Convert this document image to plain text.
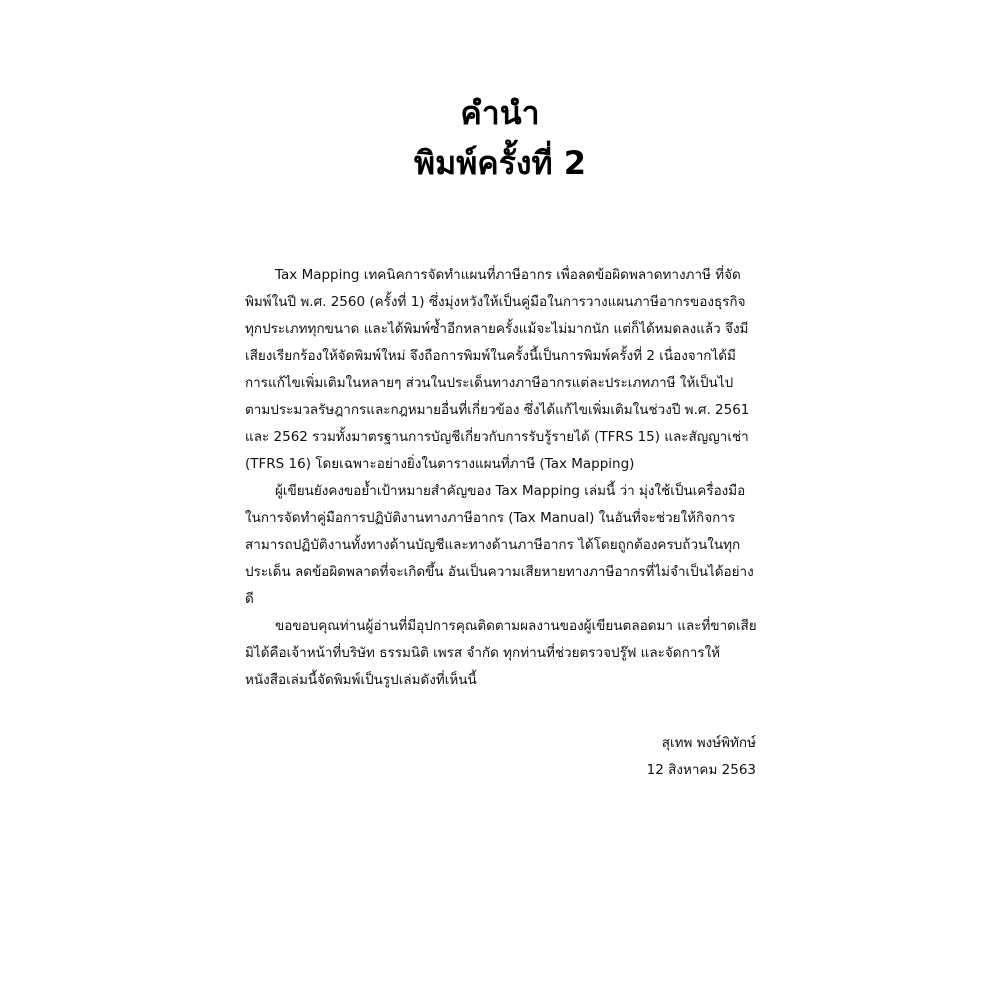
คำนำ
พิมพ์ครั้งที่ 2

Tax Mapping เทคนิคการจัดทำแผนที่ภาษีอากร เพื่อลดข้อผิดพลาดทางภาษี ที่จัดพิมพ์ในปี พ.ศ. 2560 (ครั้งที่ 1) ซึ่งมุ่งหวังให้เป็นคู่มือในการวางแผนภาษีอากรของธุรกิจทุกประเภททุกขนาด และได้พิมพ์ซ้ำอีกหลายครั้งแม้จะไม่มากนัก แต่ก็ได้หมดลงแล้ว จึงมีเสียงเรียกร้องให้จัดพิมพ์ใหม่ จึงถือการพิมพ์ในครั้งนี้เป็นการพิมพ์ครั้งที่ 2 เนื่องจากได้มีการแก้ไขเพิ่มเติมในหลายๆ ส่วนในประเด็นทางภาษีอากรแต่ละประเภทภาษี ให้เป็นไปตามประมวลรัษฎากรและกฎหมายอื่นที่เกี่ยวข้อง ซึ่งได้แก้ไขเพิ่มเติมในช่วงปี พ.ศ. 2561 และ 2562 รวมทั้งมาตรฐานการบัญชีเกี่ยวกับการรับรู้รายได้ (TFRS 15) และสัญญาเช่า (TFRS 16) โดยเฉพาะอย่างยิ่งในตารางแผนที่ภาษี (Tax Mapping)

ผู้เขียนยังคงขอย้ำเป้าหมายสำคัญของ Tax Mapping เล่มนี้ ว่า มุ่งใช้เป็นเครื่องมือในการจัดทำคู่มือการปฏิบัติงานทางภาษีอากร (Tax Manual) ในอันที่จะช่วยให้กิจการสามารถปฏิบัติงานทั้งทางด้านบัญชีและทางด้านภาษีอากร ได้โดยถูกต้องครบถ้วนในทุกประเด็น ลดข้อผิดพลาดที่จะเกิดขึ้น อันเป็นความเสียหายทางภาษีอากรที่ไม่จำเป็นได้อย่างดี

ขอขอบคุณท่านผู้อ่านที่มีอุปการคุณติดตามผลงานของผู้เขียนตลอดมา และที่ขาดเสียมิได้คือเจ้าหน้าที่บริษัท ธรรมนิติ เพรส จำกัด ทุกท่านที่ช่วยตรวจปรู๊ฟ และจัดการให้หนังสือเล่มนี้จัดพิมพ์เป็นรูปเล่มดังที่เห็นนี้

สุเทพ พงษ์พิทักษ์
12 สิงหาคม 2563
